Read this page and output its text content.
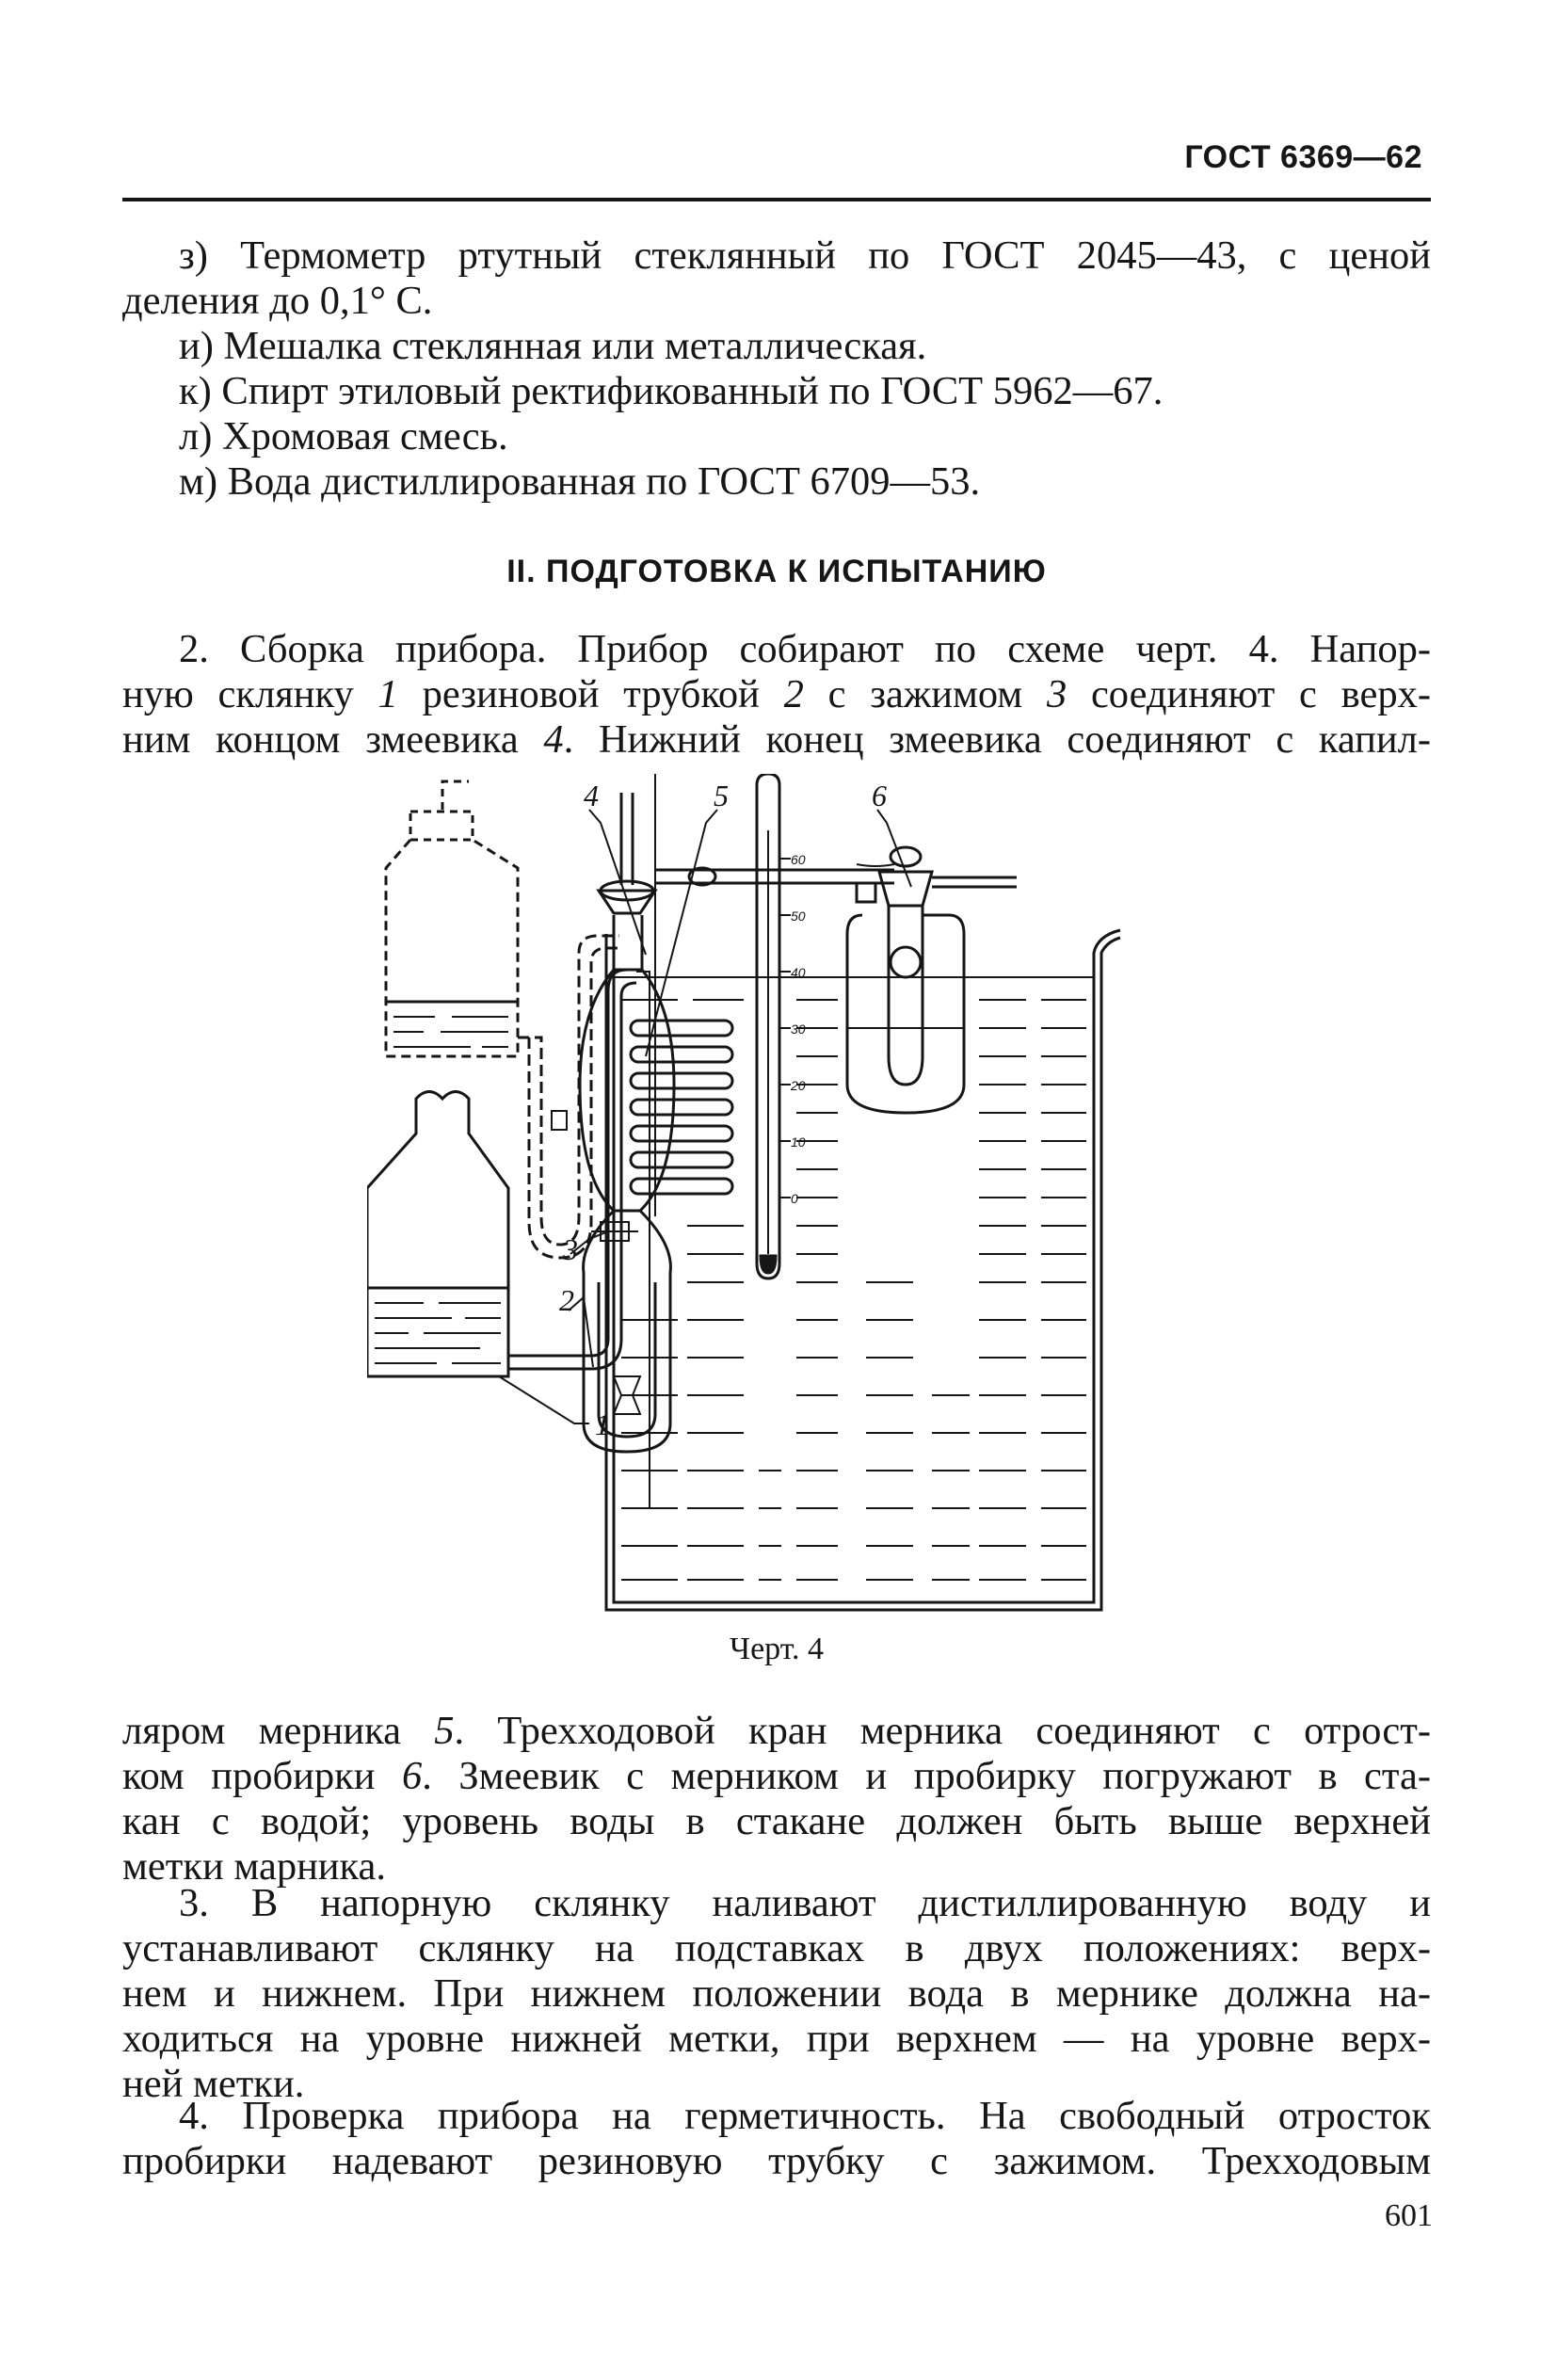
ГОСТ 6369—62

з) Термометр ртутный стеклянный по ГОСТ 2045—43, с ценой

деления до 0,1° С.

и) Мешалка стеклянная или металлическая.

к) Спирт этиловый ректификованный по ГОСТ 5962—67.

л) Хромовая смесь.

м) Вода дистиллированная по ГОСТ 6709—53.

II. ПОДГОТОВКА К ИСПЫТАНИЮ

2. Сборка прибора. Прибор собирают по схеме черт. 4. Напор-

ную склянку 1 резиновой трубкой 2 с зажимом 3 соединяют с верх-

ним концом змеевика 4. Нижний конец змеевика соединяют с капил-

4	5	6
3
2
1
60
50
40
30
20
10
0
Черт. 4

ляром мерника 5. Трехходовой кран мерника соединяют с отрост-

ком пробирки 6. Змеевик с мерником и пробирку погружают в ста-

кан с водой; уровень воды в стакане должен быть выше верхней

метки марника.

3. В напорную склянку наливают дистиллированную воду и

устанавливают склянку на подставках в двух положениях: верх-

нем и нижнем. При нижнем положении вода в мернике должна на-

ходиться на уровне нижней метки, при верхнем — на уровне верх-

ней метки.

4. Проверка прибора на герметичность. На свободный отросток

пробирки надевают резиновую трубку с зажимом. Трехходовым

601
